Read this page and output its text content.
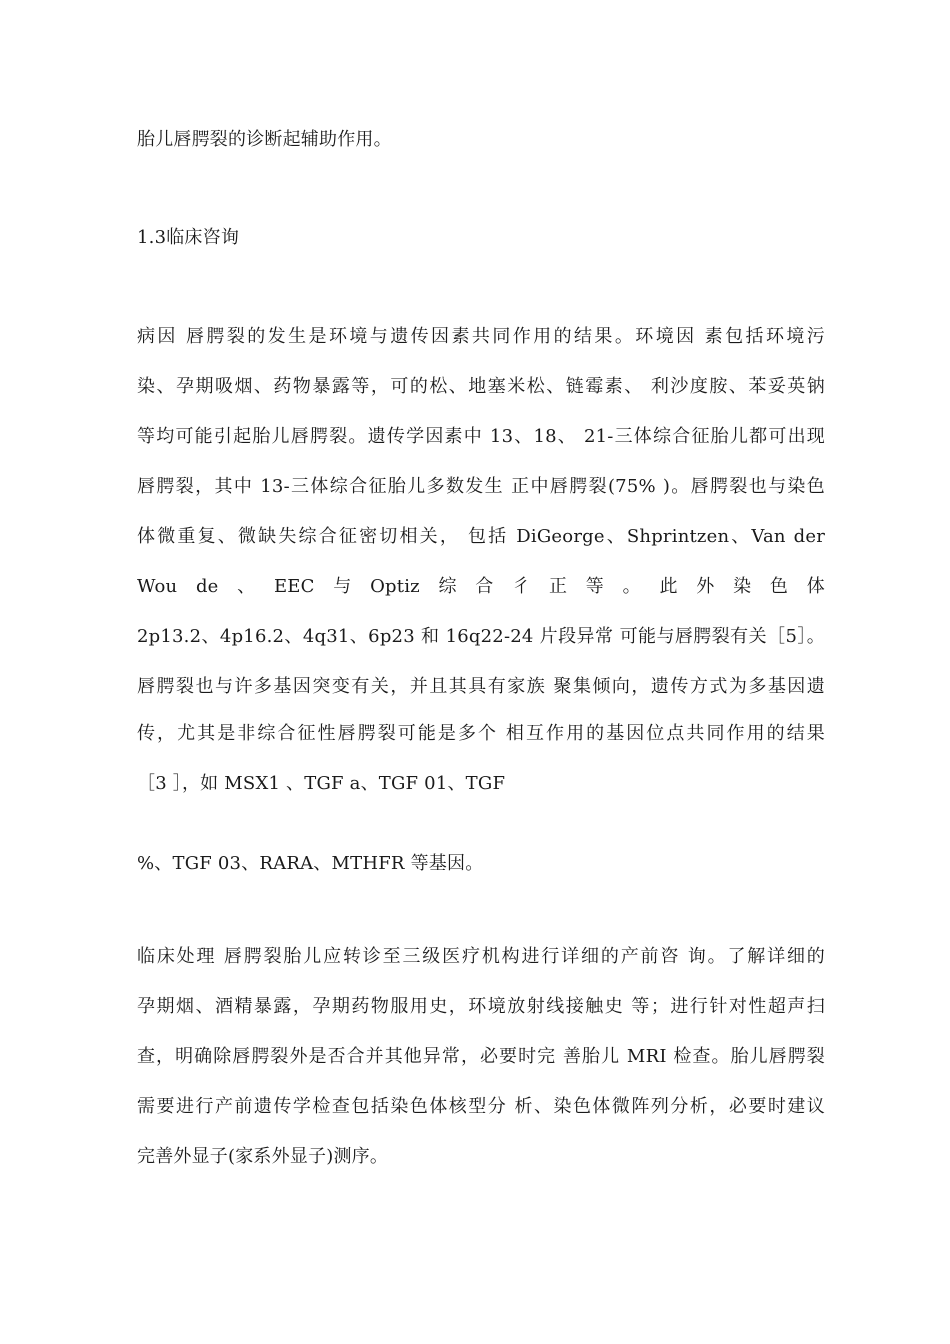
胎儿唇腭裂的诊断起辅助作用。
1.3临床咨询
病因 唇腭裂的发生是环境与遗传因素共同作用的结果。环境因 素包括环境污
染、孕期吸烟、药物暴露等，可的松、地塞米松、链霉素、 利沙度胺、苯妥英钠
等均可能引起胎儿唇腭裂。遗传学因素中 13、18、 21-三体综合征胎儿都可出现
唇腭裂，其中 13-三体综合征胎儿多数发生 正中唇腭裂(75% )。唇腭裂也与染色
体微重复、微缺失综合征密切相关， 包括 DiGeorge、Shprintzen、Van der
Wou de 、 EEC 与 Optiz 综 合 彳 正 等 。 此 外 染 色 体
2p13.2、4p16.2、4q31、6p23 和 16q22-24 片段异常 可能与唇腭裂有关［5］。
唇腭裂也与许多基因突变有关，并且其具有家族 聚集倾向，遗传方式为多基因遗
传，尤其是非综合征性唇腭裂可能是多个 相互作用的基因位点共同作用的结果
［3 ］，如 MSX1 、TGF a、TGF 01、TGF
%、TGF 03、RARA、MTHFR 等基因。
临床处理 唇腭裂胎儿应转诊至三级医疗机构进行详细的产前咨 询。了解详细的
孕期烟、酒精暴露，孕期药物服用史，环境放射线接触史 等；进行针对性超声扫
查，明确除唇腭裂外是否合并其他异常，必要时完 善胎儿 MRI 检查。胎儿唇腭裂
需要进行产前遗传学检查包括染色体核型分 析、染色体微阵列分析，必要时建议
完善外显子(家系外显子)测序。
